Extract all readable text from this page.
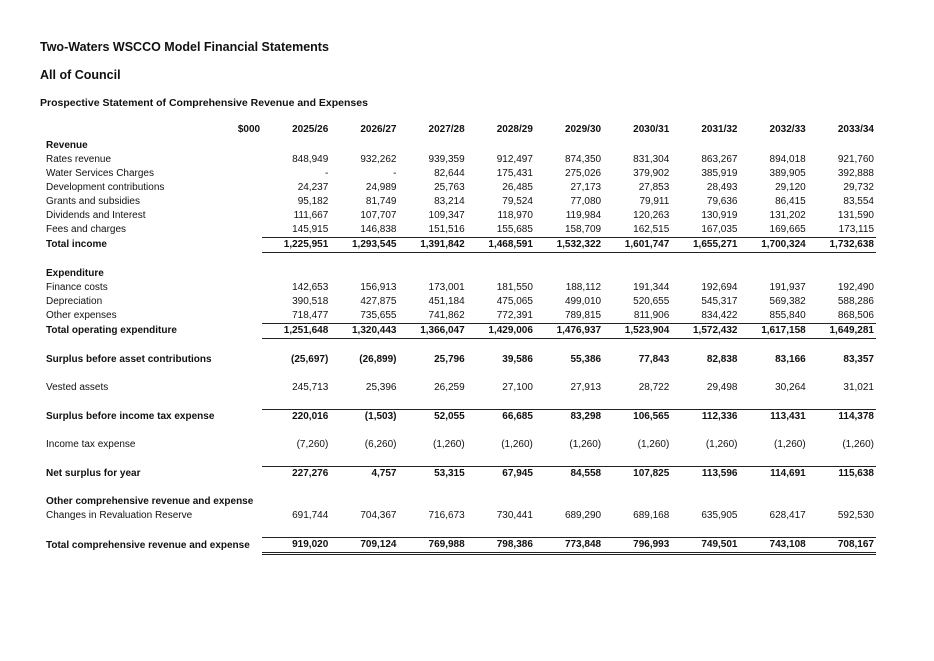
Two-Waters WSCCO Model Financial Statements
All of Council
Prospective Statement of Comprehensive Revenue and Expenses
$000	2025/26	2026/27	2027/28	2028/29	2029/30	2030/31	2031/32	2032/33	2033/34
Revenue									
Rates revenue	848,949	932,262	939,359	912,497	874,350	831,304	863,267	894,018	921,760
Water Services Charges	-	-	82,644	175,431	275,026	379,902	385,919	389,905	392,888
Development contributions	24,237	24,989	25,763	26,485	27,173	27,853	28,493	29,120	29,732
Grants and subsidies	95,182	81,749	83,214	79,524	77,080	79,911	79,636	86,415	83,554
Dividends and Interest	111,667	107,707	109,347	118,970	119,984	120,263	130,919	131,202	131,590
Fees and charges	145,915	146,838	151,516	155,685	158,709	162,515	167,035	169,665	173,115
Total income	1,225,951	1,293,545	1,391,842	1,468,591	1,532,322	1,601,747	1,655,271	1,700,324	1,732,638

Expenditure									
Finance costs	142,653	156,913	173,001	181,550	188,112	191,344	192,694	191,937	192,490
Depreciation	390,518	427,875	451,184	475,065	499,010	520,655	545,317	569,382	588,286
Other expenses	718,477	735,655	741,862	772,391	789,815	811,906	834,422	855,840	868,506
Total operating expenditure	1,251,648	1,320,443	1,366,047	1,429,006	1,476,937	1,523,904	1,572,432	1,617,158	1,649,281

Surplus before asset contributions	(25,697)	(26,899)	25,796	39,586	55,386	77,843	82,838	83,166	83,357

Vested assets	245,713	25,396	26,259	27,100	27,913	28,722	29,498	30,264	31,021

Surplus before income tax expense	220,016	(1,503)	52,055	66,685	83,298	106,565	112,336	113,431	114,378

Income tax expense	(7,260)	(6,260)	(1,260)	(1,260)	(1,260)	(1,260)	(1,260)	(1,260)	(1,260)

Net surplus for year	227,276	4,757	53,315	67,945	84,558	107,825	113,596	114,691	115,638

Other comprehensive revenue and expense									
Changes in Revaluation Reserve	691,744	704,367	716,673	730,441	689,290	689,168	635,905	628,417	592,530

Total comprehensive revenue and expense	919,020	709,124	769,988	798,386	773,848	796,993	749,501	743,108	708,167
